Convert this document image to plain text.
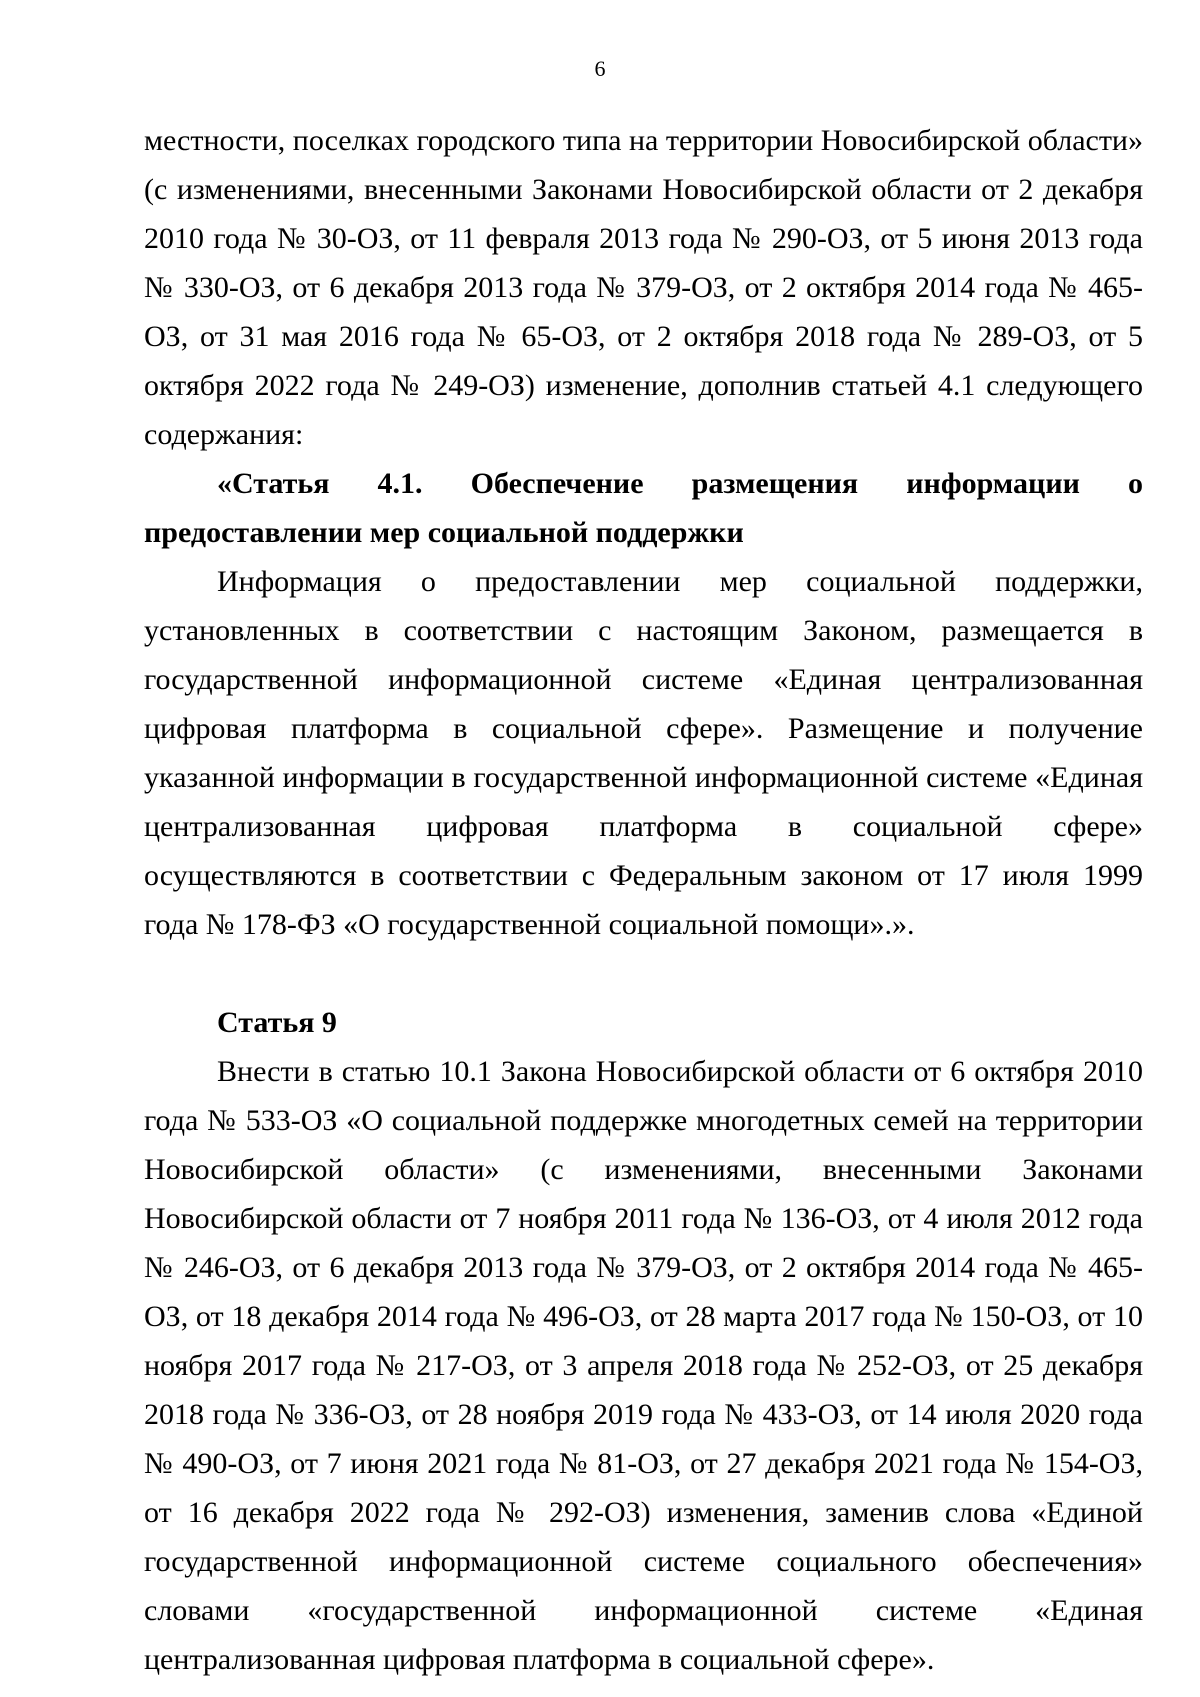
6

местности, поселках городского типа на территории Новосибирской области» (с изменениями, внесенными Законами Новосибирской области от 2 декабря 2010 года № 30-ОЗ, от 11 февраля 2013 года № 290-ОЗ, от 5 июня 2013 года № 330-ОЗ, от 6 декабря 2013 года № 379-ОЗ, от 2 октября 2014 года № 465-ОЗ, от 31 мая 2016 года № 65-ОЗ, от 2 октября 2018 года № 289-ОЗ, от 5 октября 2022 года № 249-ОЗ) изменение, дополнив статьей 4.1 следующего содержания:

«Статья 4.1. Обеспечение размещения информации о предоставлении мер социальной поддержки

Информация о предоставлении мер социальной поддержки, установленных в соответствии с настоящим Законом, размещается в государственной информационной системе «Единая централизованная цифровая платформа в социальной сфере». Размещение и получение указанной информации в государственной информационной системе «Единая централизованная цифровая платформа в социальной сфере» осуществляются в соответствии с Федеральным законом от 17 июля 1999 года № 178-ФЗ «О государственной социальной помощи».».

Статья 9

Внести в статью 10.1 Закона Новосибирской области от 6 октября 2010 года № 533-ОЗ «О социальной поддержке многодетных семей на территории Новосибирской области» (с изменениями, внесенными Законами Новосибирской области от 7 ноября 2011 года № 136-ОЗ, от 4 июля 2012 года № 246-ОЗ, от 6 декабря 2013 года № 379-ОЗ, от 2 октября 2014 года № 465-ОЗ, от 18 декабря 2014 года № 496-ОЗ, от 28 марта 2017 года № 150-ОЗ, от 10 ноября 2017 года № 217-ОЗ, от 3 апреля 2018 года № 252-ОЗ, от 25 декабря 2018 года № 336-ОЗ, от 28 ноября 2019 года № 433-ОЗ, от 14 июля 2020 года № 490-ОЗ, от 7 июня 2021 года № 81-ОЗ, от 27 декабря 2021 года № 154-ОЗ, от 16 декабря 2022 года № 292-ОЗ) изменения, заменив слова «Единой государственной информационной системе социального обеспечения» словами «государственной информационной системе «Единая централизованная цифровая платформа в социальной сфере».
